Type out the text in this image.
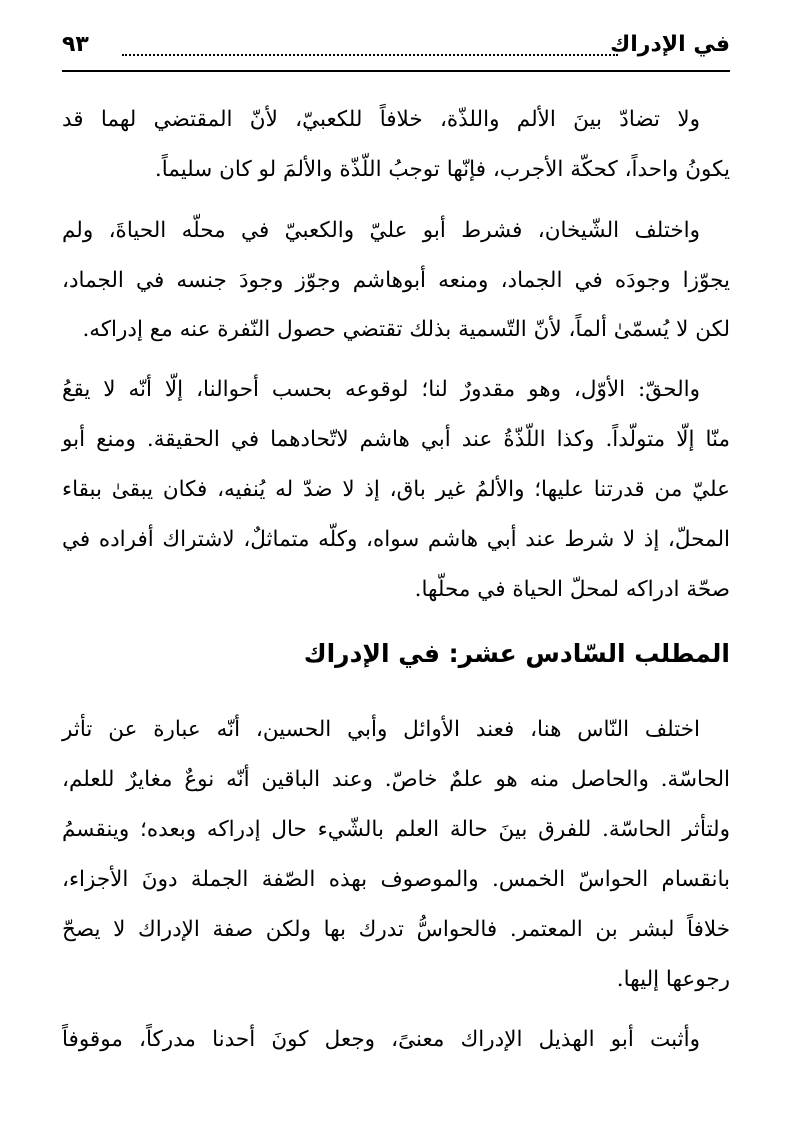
في الإدراك
٩٣
ولا تضادّ بينَ الألم واللذّة، خلافاً للكعبيّ، لأنّ المقتضي لهما قد
يكونُ واحداً، كحكّة الأجرب، فإنّها توجبُ اللّذّة والألمَ لو كان سليماً.
واختلف الشّيخان، فشرط أبو عليّ والكعبيّ في محلّه الحياةَ، ولم
يجوّزا وجودَه في الجماد، ومنعه أبوهاشم وجوّز وجودَ جنسه في الجماد،
لكن لا يُسمّىٰ ألماً، لأنّ التّسمية بذلك تقتضي حصول النّفرة عنه مع إدراكه.
والحقّ: الأوّل، وهو مقدورٌ لنا؛ لوقوعه بحسب أحوالنا، إلّا أنّه لا يقعُ
منّا إلّا متولّداً. وكذا اللّذّةُ عند أبي هاشم لاتّحادهما في الحقيقة. ومنع أبو
عليّ من قدرتنا عليها؛ والألمُ غير باق، إذ لا ضدّ له يُنفيه، فكان يبقىٰ ببقاء
المحلّ، إذ لا شرط عند أبي هاشم سواه، وكلّه متماثلٌ، لاشتراك أفراده في
صحّة ادراكه لمحلّ الحياة في محلّها.
المطلب السّادس عشر: في الإدراك
اختلف النّاس هنا، فعند الأوائل وأبي الحسين، أنّه عبارة عن تأثر
الحاسّة. والحاصل منه هو علمٌ خاصّ. وعند الباقين أنّه نوعٌ مغايرٌ للعلم،
ولتأثر الحاسّة. للفرق بينَ حالة العلم بالشّيء حال إدراكه وبعده؛ وينقسمُ
بانقسام الحواسّ الخمس. والموصوف بهذه الصّفة الجملة دونَ الأجزاء،
خلافاً لبشر بن المعتمر. فالحواسُّ تدرك بها ولكن صفة الإدراك لا يصحّ
رجوعها إليها.
وأثبت أبو الهذيل الإدراك معنىً، وجعل كونَ أحدنا مدركاً، موقوفاً
